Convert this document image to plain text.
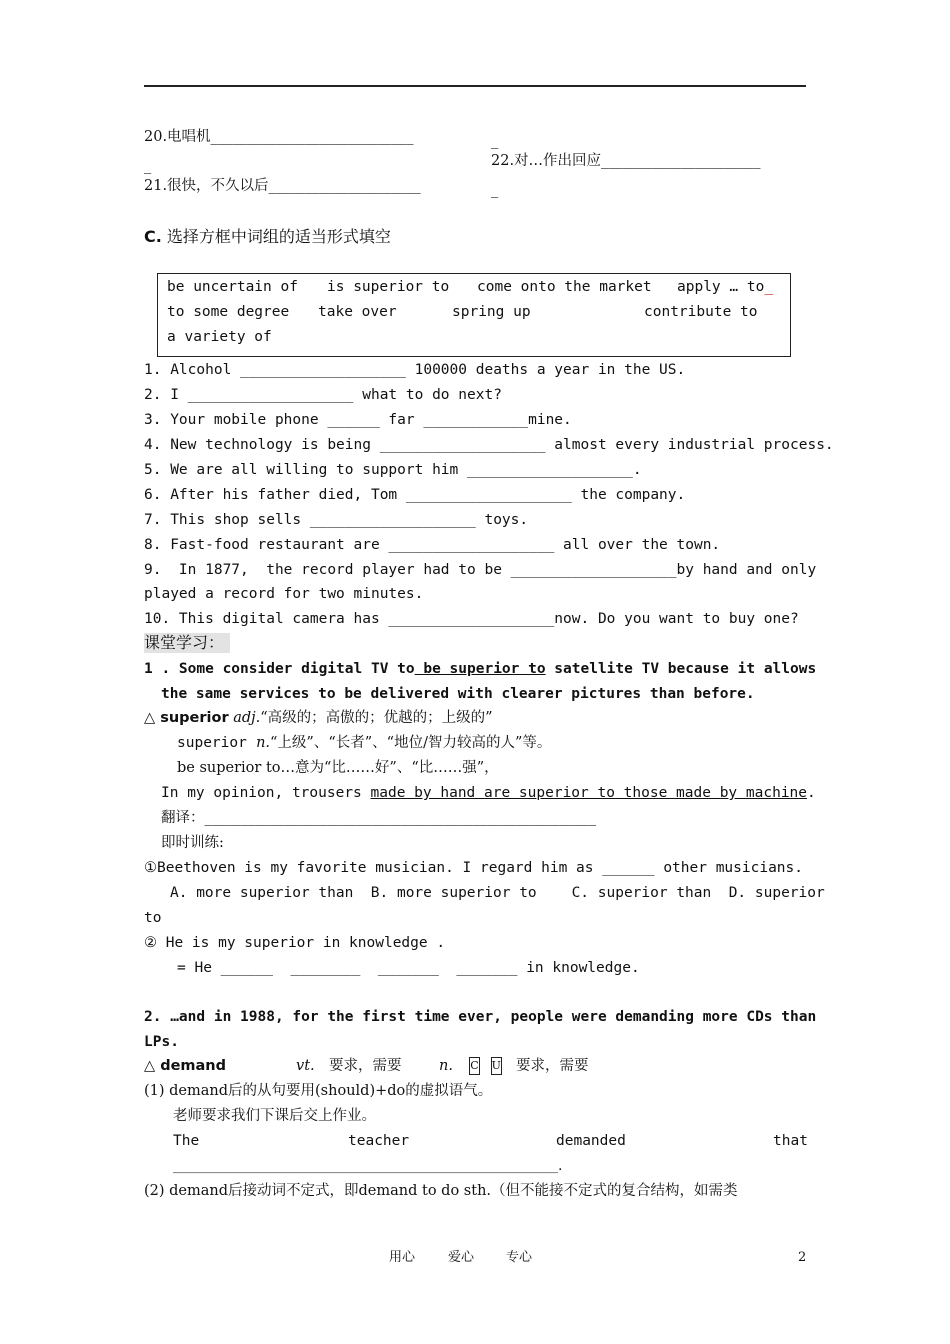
20.电唱机____________________________	_
_	22.对…作出回应______________________
21.很快，不久以后_____________________	_
C. 选择方框中词组的适当形式填空
be uncertain of is superior to come onto the market apply … to_
to some degree take over	spring up	contribute to
a variety of
1. Alcohol ___________________ 100000 deaths a year in the US.
2. I ___________________ what to do next?
3. Your mobile phone ______ far ____________mine.
4. New technology is being ___________________ almost every industrial process.
5. We are all willing to support him ___________________.
6. After his father died, Tom ___________________ the company.
7. This shop sells ___________________ toys.
8. Fast-food restaurant are ___________________ all over the town.
9.  In 1877,  the record player had to be ___________________by hand and only
played a record for two minutes.
10. This digital camera has ___________________now. Do you want to buy one?
课堂学习：
1 . Some consider digital TV to be superior to satellite TV because it allows
the same services to be delivered with clearer pictures than before.
△ superior adj.“高级的；高傲的；优越的；上级的”
superior n.“上级”、“长者”、“地位/智力较高的人”等。
be superior to…意为“比……好”、“比……强”，
In my opinion, trousers made by hand are superior to those made by machine.
翻译：______________________________________________________
即时训练:
①Beethoven is my favorite musician. I regard him as ______ other musicians.
A. more superior than  B. more superior to    C. superior than  D. superior
to
② He is my superior in knowledge .
= He ______  ________  _______  _______ in knowledge.
2. …and in 1988, for the first time ever, people were demanding more CDs than
LPs.
△ demand	vt. 要求，需要	n.	C U 要求，需要
(1) demand后的从句要用(should)+do的虚拟语气。
老师要求我们下课后交上作业。
The	teacher	demanded	that
_______________________________________________________.
(2) demand后接动词不定式，即demand to do sth.（但不能接不定式的复合结构，如需类
用心	爱心 专心	2
